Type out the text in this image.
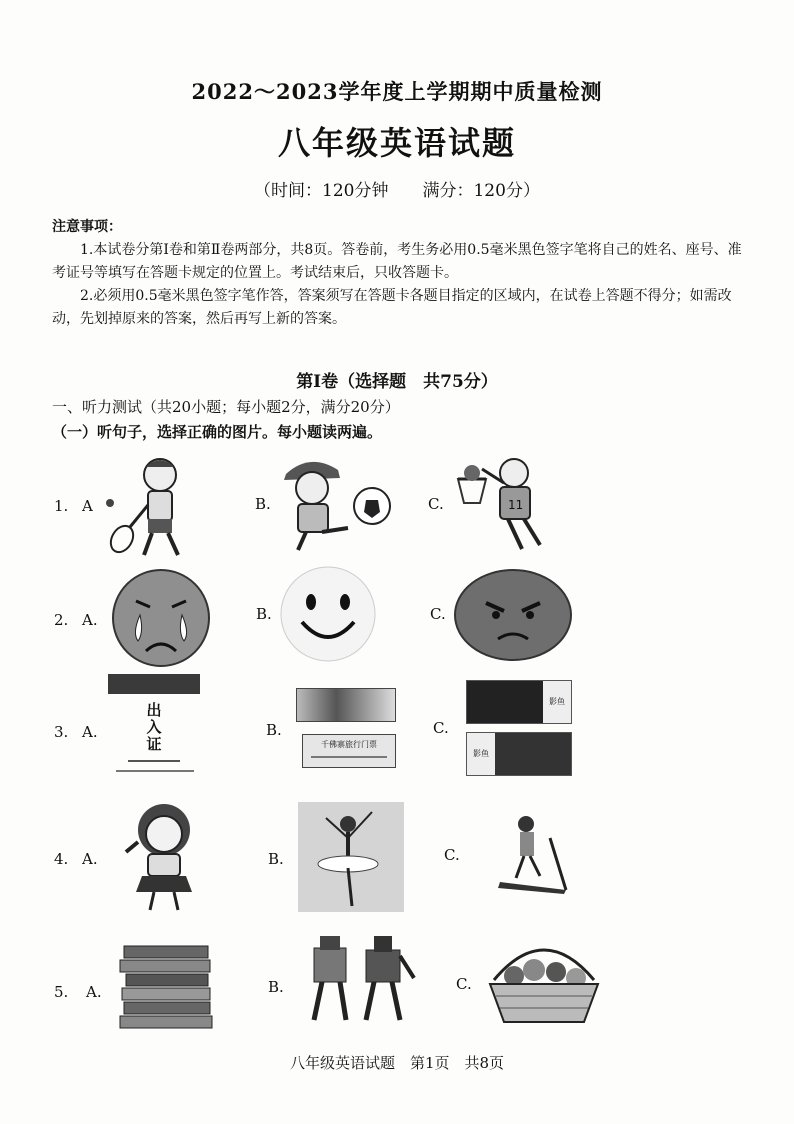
2022～2023学年度上学期期中质量检测
八年级英语试题
（时间：120分钟　　满分：120分）

注意事项：

1.本试卷分第Ⅰ卷和第Ⅱ卷两部分，共8页。答卷前，考生务必用0.5毫米黑色签字笔将自己的姓名、座号、准考证号等填写在答题卡规定的位置上。考试结束后，只收答题卡。

2.必须用0.5毫米黑色签字笔作答，答案须写在答题卡各题目指定的区域内，在试卷上答题不得分；如需改动，先划掉原来的答案，然后再写上新的答案。

第Ⅰ卷（选择题　共75分）
一、听力测试（共20小题；每小题2分，满分20分）
（一）听句子，选择正确的图片。每小题读两遍。
1. A	B.	C.	11
2. A.	B.	C.
3. A.
出
入
证
B.
千佛寨旅行门票
C.
影鱼
影鱼
4. A.	B.	C.
5. A.	B.	C.
八年级英语试题　第1页　共8页
